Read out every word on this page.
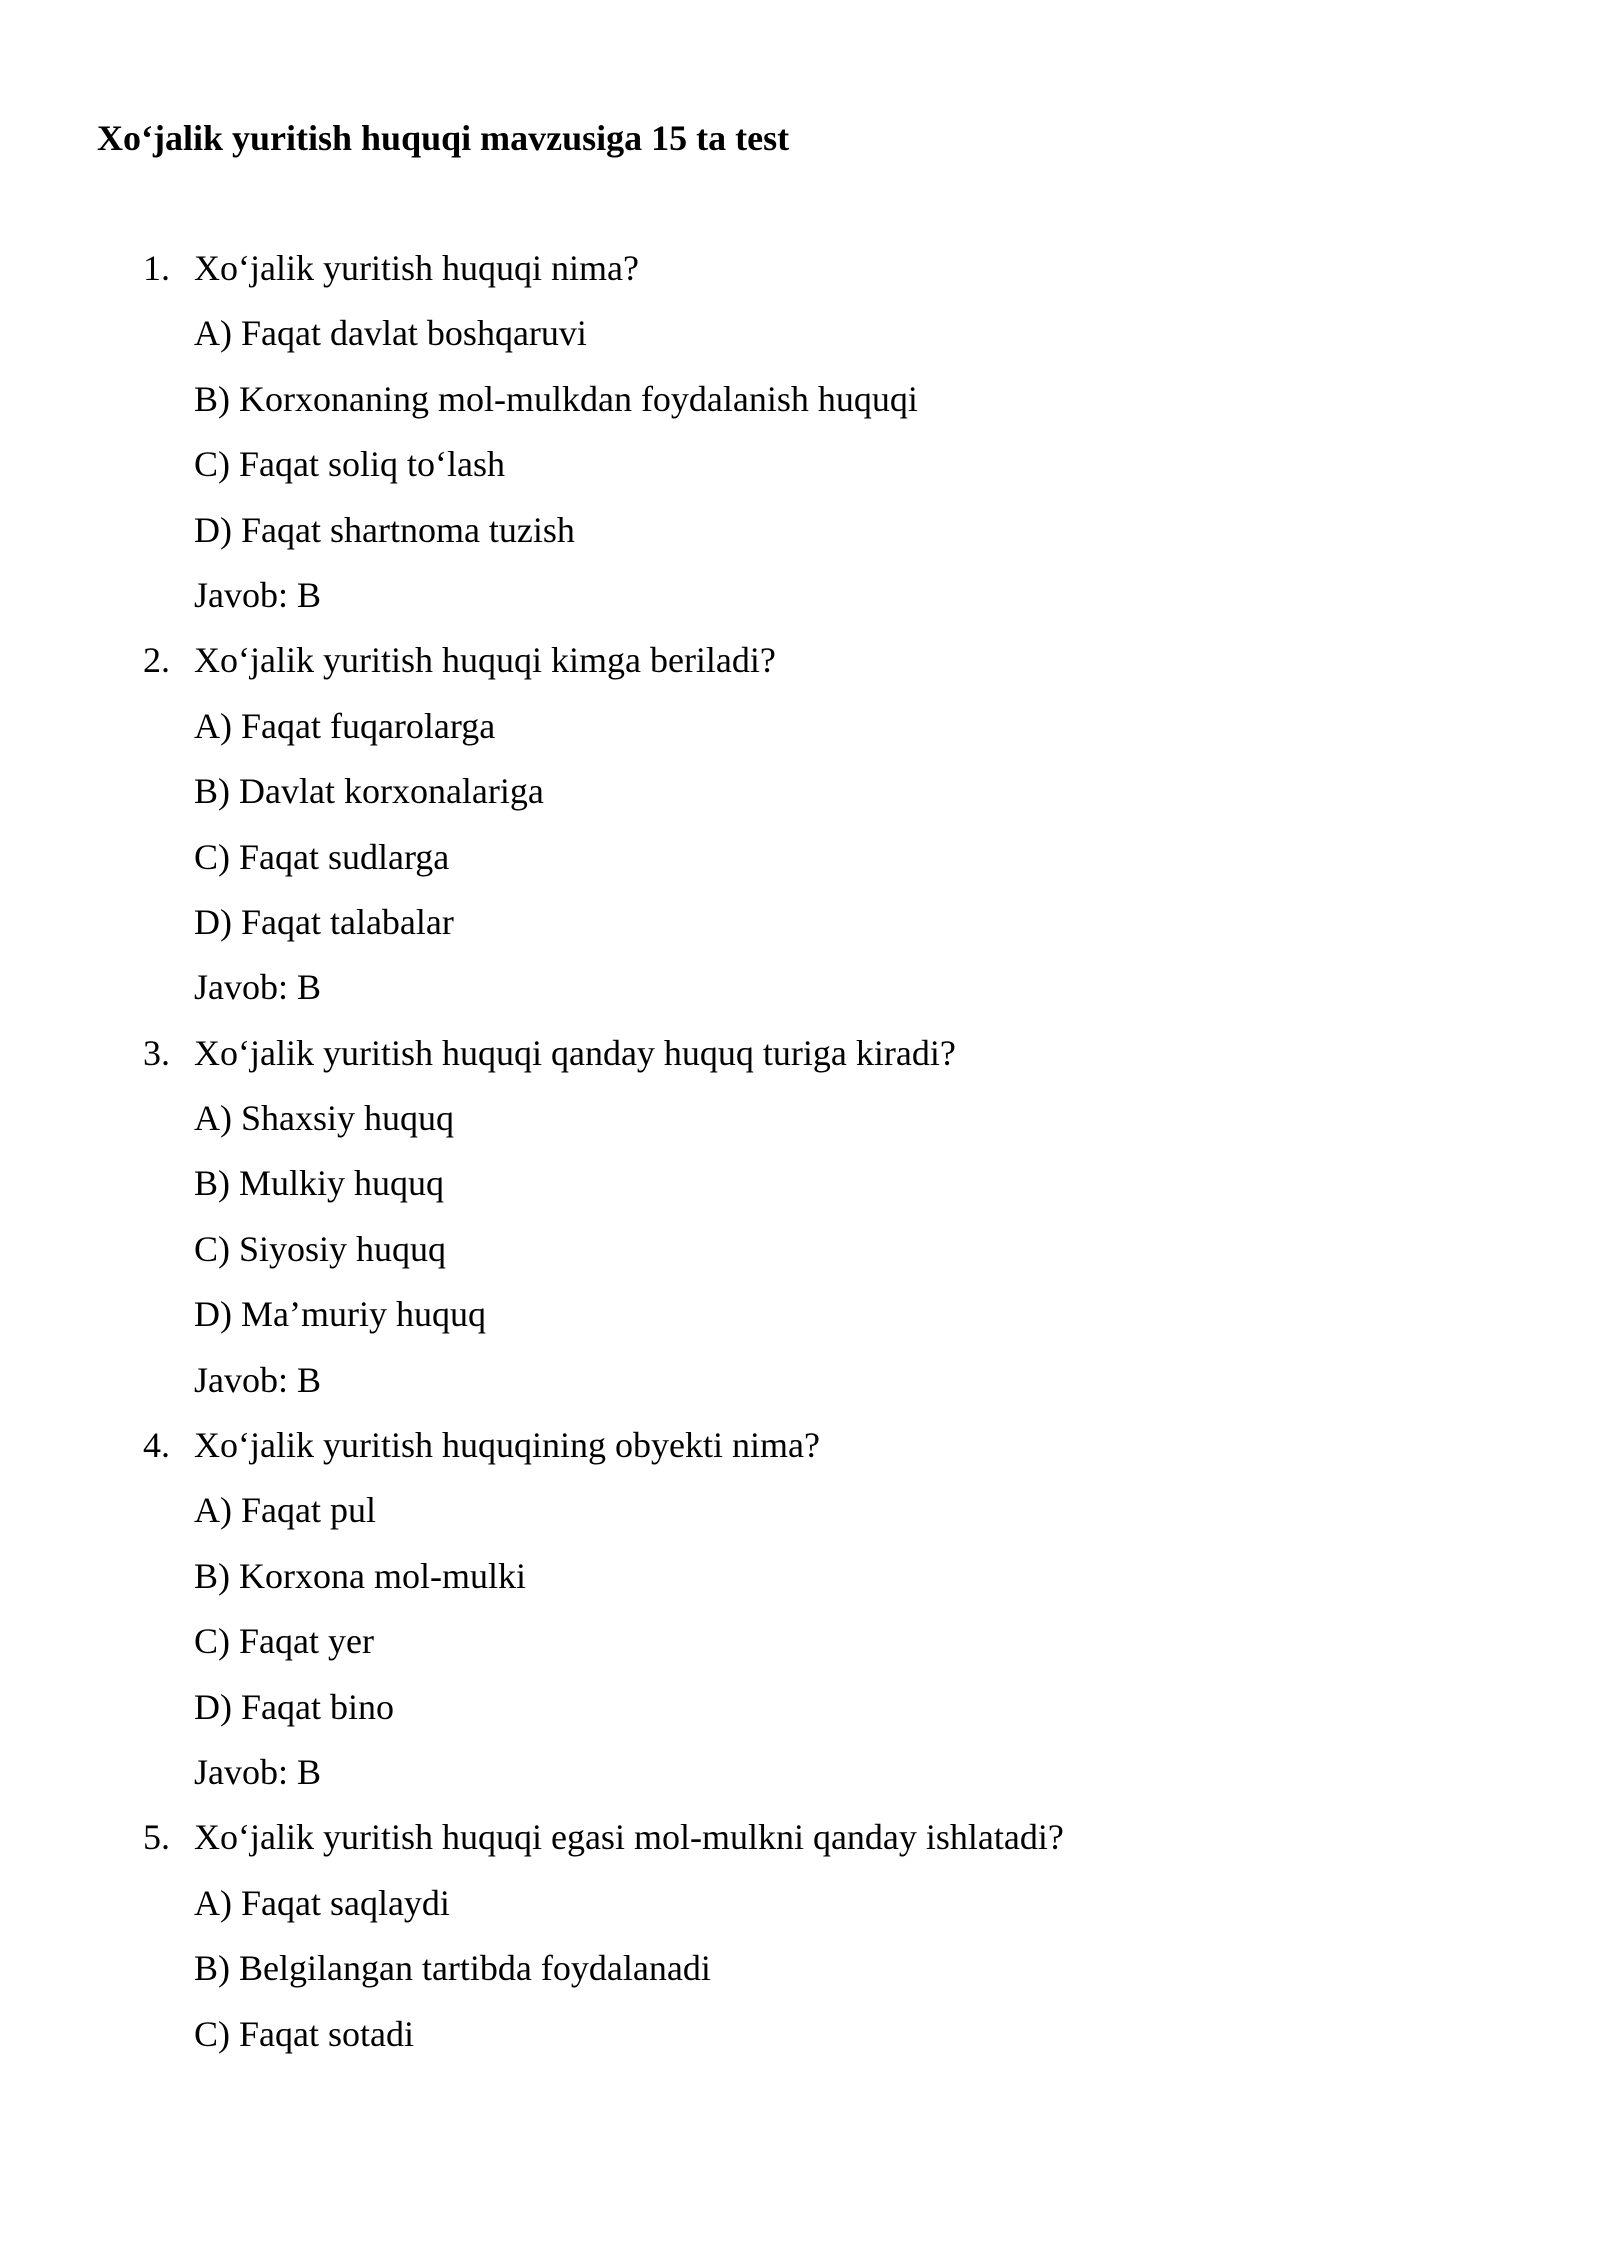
Xo‘jalik yuritish huquqi mavzusiga 15 ta test
1. Xo‘jalik yuritish huquqi nima?
A) Faqat davlat boshqaruvi
B) Korxonaning mol-mulkdan foydalanish huquqi
C) Faqat soliq to‘lash
D) Faqat shartnoma tuzish
Javob: B
2. Xo‘jalik yuritish huquqi kimga beriladi?
A) Faqat fuqarolarga
B) Davlat korxonalariga
C) Faqat sudlarga
D) Faqat talabalar
Javob: B
3. Xo‘jalik yuritish huquqi qanday huquq turiga kiradi?
A) Shaxsiy huquq
B) Mulkiy huquq
C) Siyosiy huquq
D) Ma’muriy huquq
Javob: B
4. Xo‘jalik yuritish huquqining obyekti nima?
A) Faqat pul
B) Korxona mol-mulki
C) Faqat yer
D) Faqat bino
Javob: B
5. Xo‘jalik yuritish huquqi egasi mol-mulkni qanday ishlatadi?
A) Faqat saqlaydi
B) Belgilangan tartibda foydalanadi
C) Faqat sotadi
